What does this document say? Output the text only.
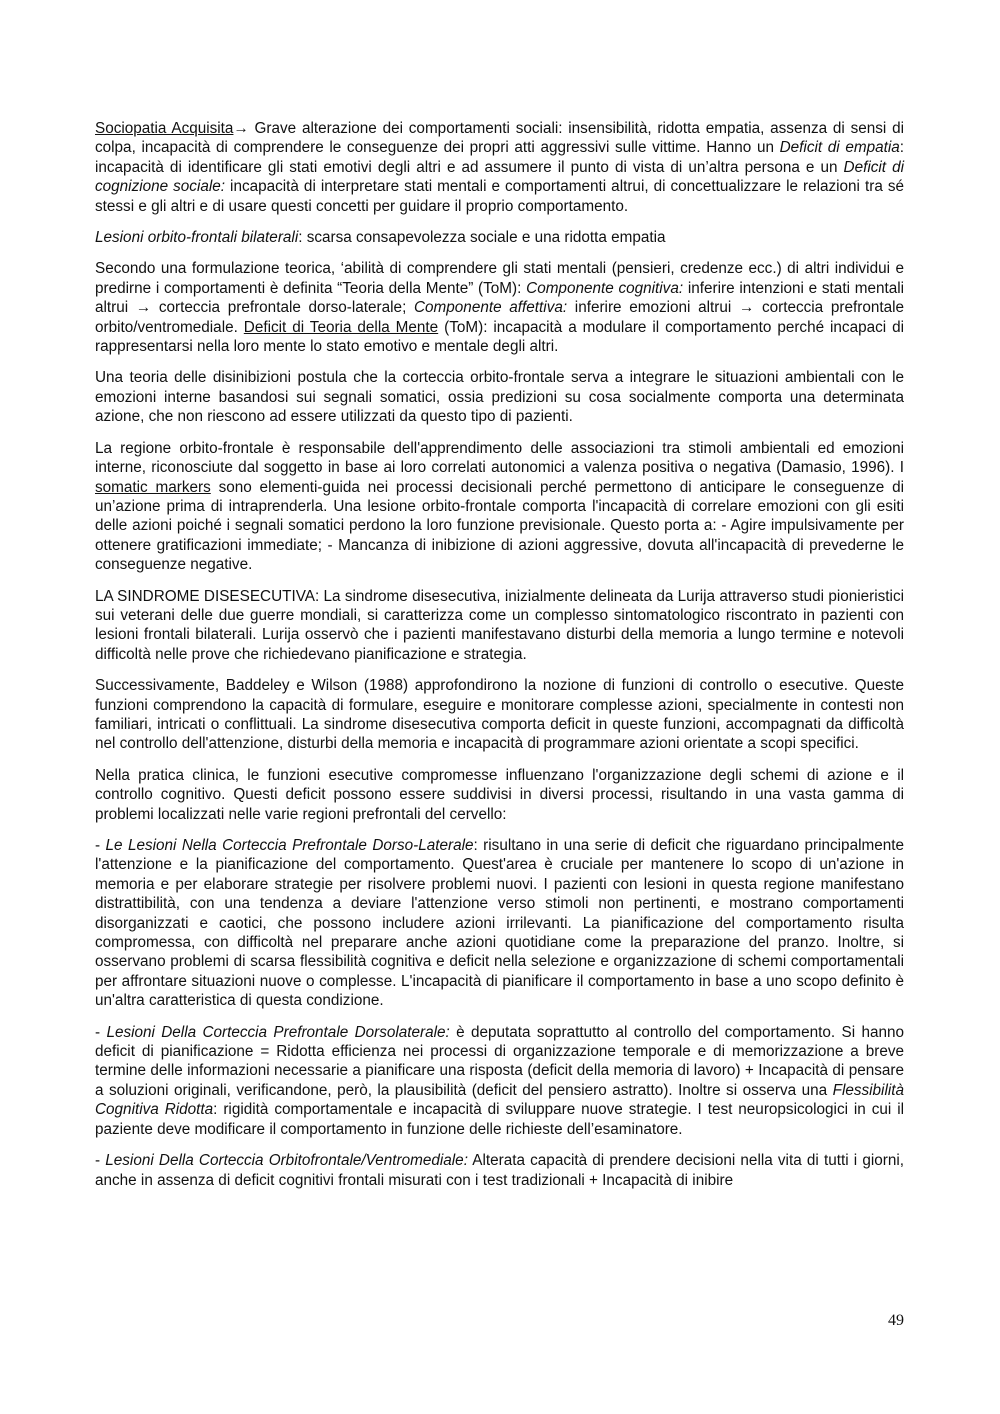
Sociopatia Acquisita→ Grave alterazione dei comportamenti sociali: insensibilità, ridotta empatia, assenza di sensi di colpa, incapacità di comprendere le conseguenze dei propri atti aggressivi sulle vittime. Hanno un Deficit di empatia: incapacità di identificare gli stati emotivi degli altri e ad assumere il punto di vista di un’altra persona e un Deficit di cognizione sociale: incapacità di interpretare stati mentali e comportamenti altrui, di concettualizzare le relazioni tra sé stessi e gli altri e di usare questi concetti per guidare il proprio comportamento.

Lesioni orbito-frontali bilaterali: scarsa consapevolezza sociale e una ridotta empatia

Secondo una formulazione teorica, ‘abilità di comprendere gli stati mentali (pensieri, credenze ecc.) di altri individui e predirne i comportamenti è definita “Teoria della Mente” (ToM): Componente cognitiva: inferire intenzioni e stati mentali altrui → corteccia prefrontale dorso-laterale; Componente affettiva: inferire emozioni altrui → corteccia prefrontale orbito/ventromediale. Deficit di Teoria della Mente (ToM): incapacità a modulare il comportamento perché incapaci di rappresentarsi nella loro mente lo stato emotivo e mentale degli altri.

Una teoria delle disinibizioni postula che la corteccia orbito-frontale serva a integrare le situazioni ambientali con le emozioni interne basandosi sui segnali somatici, ossia predizioni su cosa socialmente comporta una determinata azione, che non riescono ad essere utilizzati da questo tipo di pazienti.

La regione orbito-frontale è responsabile dell'apprendimento delle associazioni tra stimoli ambientali ed emozioni interne, riconosciute dal soggetto in base ai loro correlati autonomici a valenza positiva o negativa (Damasio, 1996). I somatic markers sono elementi-guida nei processi decisionali perché permettono di anticipare le conseguenze di un’azione prima di intraprenderla. Una lesione orbito-frontale comporta l'incapacità di correlare emozioni con gli esiti delle azioni poiché i segnali somatici perdono la loro funzione previsionale. Questo porta a: - Agire impulsivamente per ottenere gratificazioni immediate; - Mancanza di inibizione di azioni aggressive, dovuta all'incapacità di prevederne le conseguenze negative.

LA SINDROME DISESECUTIVA: La sindrome disesecutiva, inizialmente delineata da Lurija attraverso studi pionieristici sui veterani delle due guerre mondiali, si caratterizza come un complesso sintomatologico riscontrato in pazienti con lesioni frontali bilaterali. Lurija osservò che i pazienti manifestavano disturbi della memoria a lungo termine e notevoli difficoltà nelle prove che richiedevano pianificazione e strategia.

Successivamente, Baddeley e Wilson (1988) approfondirono la nozione di funzioni di controllo o esecutive. Queste funzioni comprendono la capacità di formulare, eseguire e monitorare complesse azioni, specialmente in contesti non familiari, intricati o conflittuali. La sindrome disesecutiva comporta deficit in queste funzioni, accompagnati da difficoltà nel controllo dell'attenzione, disturbi della memoria e incapacità di programmare azioni orientate a scopi specifici.

Nella pratica clinica, le funzioni esecutive compromesse influenzano l'organizzazione degli schemi di azione e il controllo cognitivo. Questi deficit possono essere suddivisi in diversi processi, risultando in una vasta gamma di problemi localizzati nelle varie regioni prefrontali del cervello:

- Le Lesioni Nella Corteccia Prefrontale Dorso-Laterale: risultano in una serie di deficit che riguardano principalmente l'attenzione e la pianificazione del comportamento. Quest'area è cruciale per mantenere lo scopo di un'azione in memoria e per elaborare strategie per risolvere problemi nuovi. I pazienti con lesioni in questa regione manifestano distrattibilità, con una tendenza a deviare l'attenzione verso stimoli non pertinenti, e mostrano comportamenti disorganizzati e caotici, che possono includere azioni irrilevanti. La pianificazione del comportamento risulta compromessa, con difficoltà nel preparare anche azioni quotidiane come la preparazione del pranzo. Inoltre, si osservano problemi di scarsa flessibilità cognitiva e deficit nella selezione e organizzazione di schemi comportamentali per affrontare situazioni nuove o complesse. L'incapacità di pianificare il comportamento in base a uno scopo definito è un'altra caratteristica di questa condizione.

- Lesioni Della Corteccia Prefrontale Dorsolaterale: è deputata soprattutto al controllo del comportamento. Si hanno deficit di pianificazione = Ridotta efficienza nei processi di organizzazione temporale e di memorizzazione a breve termine delle informazioni necessarie a pianificare una risposta (deficit della memoria di lavoro) + Incapacità di pensare a soluzioni originali, verificandone, però, la plausibilità (deficit del pensiero astratto). Inoltre si osserva una Flessibilità Cognitiva Ridotta: rigidità comportamentale e incapacità di sviluppare nuove strategie. I test neuropsicologici in cui il paziente deve modificare il comportamento in funzione delle richieste dell’esaminatore.

- Lesioni Della Corteccia Orbitofrontale/Ventromediale: Alterata capacità di prendere decisioni nella vita di tutti i giorni, anche in assenza di deficit cognitivi frontali misurati con i test tradizionali + Incapacità di inibire

49
